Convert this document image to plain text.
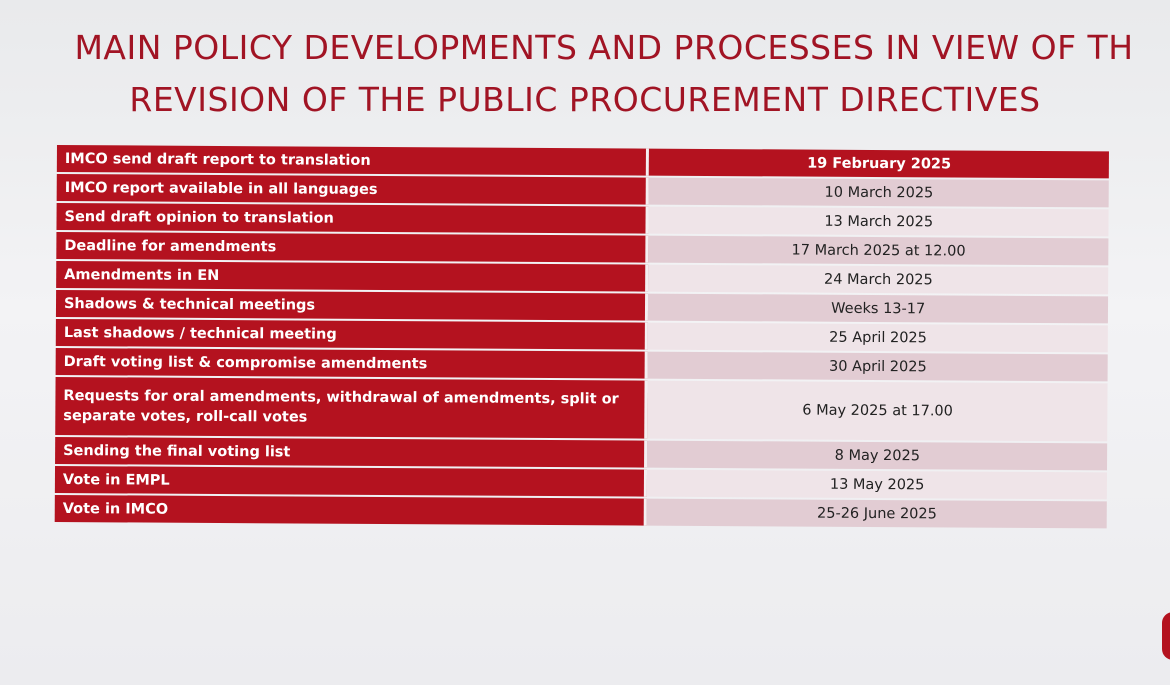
MAIN POLICY DEVELOPMENTS AND PROCESSES IN VIEW OF TH
REVISION OF THE PUBLIC PROCUREMENT DIRECTIVES
IMCO send draft report to translation	19 February 2025
IMCO report available in all languages	10 March 2025
Send draft opinion to translation	13 March 2025
Deadline for amendments	17 March 2025 at 12.00
Amendments in EN	24 March 2025
Shadows & technical meetings	Weeks 13-17
Last shadows / technical meeting	25 April 2025
Draft voting list & compromise amendments	30 April 2025
Requests for oral amendments, withdrawal of amendments, split or separate votes, roll-call votes	6 May 2025 at 17.00
Sending the final voting list	8 May 2025
Vote in EMPL	13 May 2025
Vote in IMCO	25-26 June 2025
